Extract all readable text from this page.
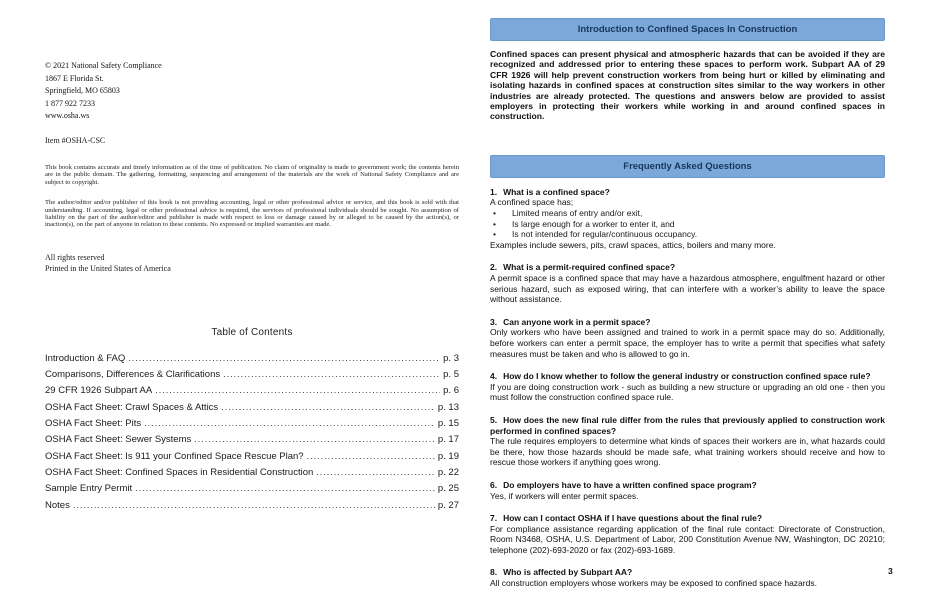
© 2021 National Safety Compliance
1867 E Florida St.
Springfield, MO 65803
1 877 922 7233
www.osha.ws
Item #OSHA-CSC

This book contains accurate and timely information as of the time of publication. No claim of originality is made to government work; the contents herein are in the public domain. The gathering, formatting, sequencing and arrangement of the materials are the work of National Safety Compliance and are subject to copyright.

The author/editor and/or publisher of this book is not providing accounting, legal or other professional advice or service, and this book is sold with that understanding. If accounting, legal or other professional advice is required, the services of professional individuals should be sought. No assumption of liability on the part of the author/editor and publisher is made with respect to loss or damage caused by or alleged to be caused by the action(s), or inaction(s), on the part of anyone in relation to these contents. No expressed or implied warranties are made.

All rights reserved
Printed in the United States of America
Table of Contents
Introduction & FAQ .....	p. 3
Comparisons, Differences & Clarifications .....	p. 5
29 CFR 1926 Subpart AA .....	p. 6
OSHA Fact Sheet: Crawl Spaces & Attics .....	p. 13
OSHA Fact Sheet: Pits .....	p. 15
OSHA Fact Sheet: Sewer Systems .....	p. 17
OSHA Fact Sheet: Is 911 your Confined Space Rescue Plan? .....	p. 19
OSHA Fact Sheet: Confined Spaces in Residential Construction .....	p. 22
Sample Entry Permit .....	p. 25
Notes .....	p. 27
Introduction to Confined Spaces In Construction

Confined spaces can present physical and atmospheric hazards that can be avoided if they are recognized and addressed prior to entering these spaces to perform work. Subpart AA of 29 CFR 1926 will help prevent construction workers from being hurt or killed by eliminating and isolating hazards in confined spaces at construction sites similar to the way workers in other industries are already protected. The questions and answers below are provided to assist employers in protecting their workers while working in and around confined spaces in construction.

Frequently Asked Questions
1. What is a confined space?
A confined space has;
• Limited means of entry and/or exit,
• Is large enough for a worker to enter it, and
• Is not intended for regular/continuous occupancy.
Examples include sewers, pits, crawl spaces, attics, boilers and many more.
2. What is a permit-required confined space?
A permit space is a confined space that may have a hazardous atmosphere, engulfment hazard or other serious hazard, such as exposed wiring, that can interfere with a worker’s ability to leave the space without assistance.
3. Can anyone work in a permit space?
Only workers who have been assigned and trained to work in a permit space may do so. Additionally, before workers can enter a permit space, the employer has to write a permit that specifies what safety measures must be taken and who is allowed to go in.
4. How do I know whether to follow the general industry or construction confined space rule?
If you are doing construction work - such as building a new structure or upgrading an old one - then you must follow the construction confined space rule.
5. How does the new final rule differ from the rules that previously applied to construction work performed in confined spaces?
The rule requires employers to determine what kinds of spaces their workers are in, what hazards could be there, how those hazards should be made safe, what training workers should receive and how to rescue those workers if anything goes wrong.
6. Do employers have to have a written confined space program?
Yes, if workers will enter permit spaces.
7. How can I contact OSHA if I have questions about the final rule?
For compliance assistance regarding application of the final rule contact: Directorate of Construction, Room N3468, OSHA, U.S. Department of Labor, 200 Constitution Avenue NW, Washington, DC 20210; telephone (202)-693-2020 or fax (202)-693-1689.
8. Who is affected by Subpart AA?
All construction employers whose workers may be exposed to confined space hazards.
3
